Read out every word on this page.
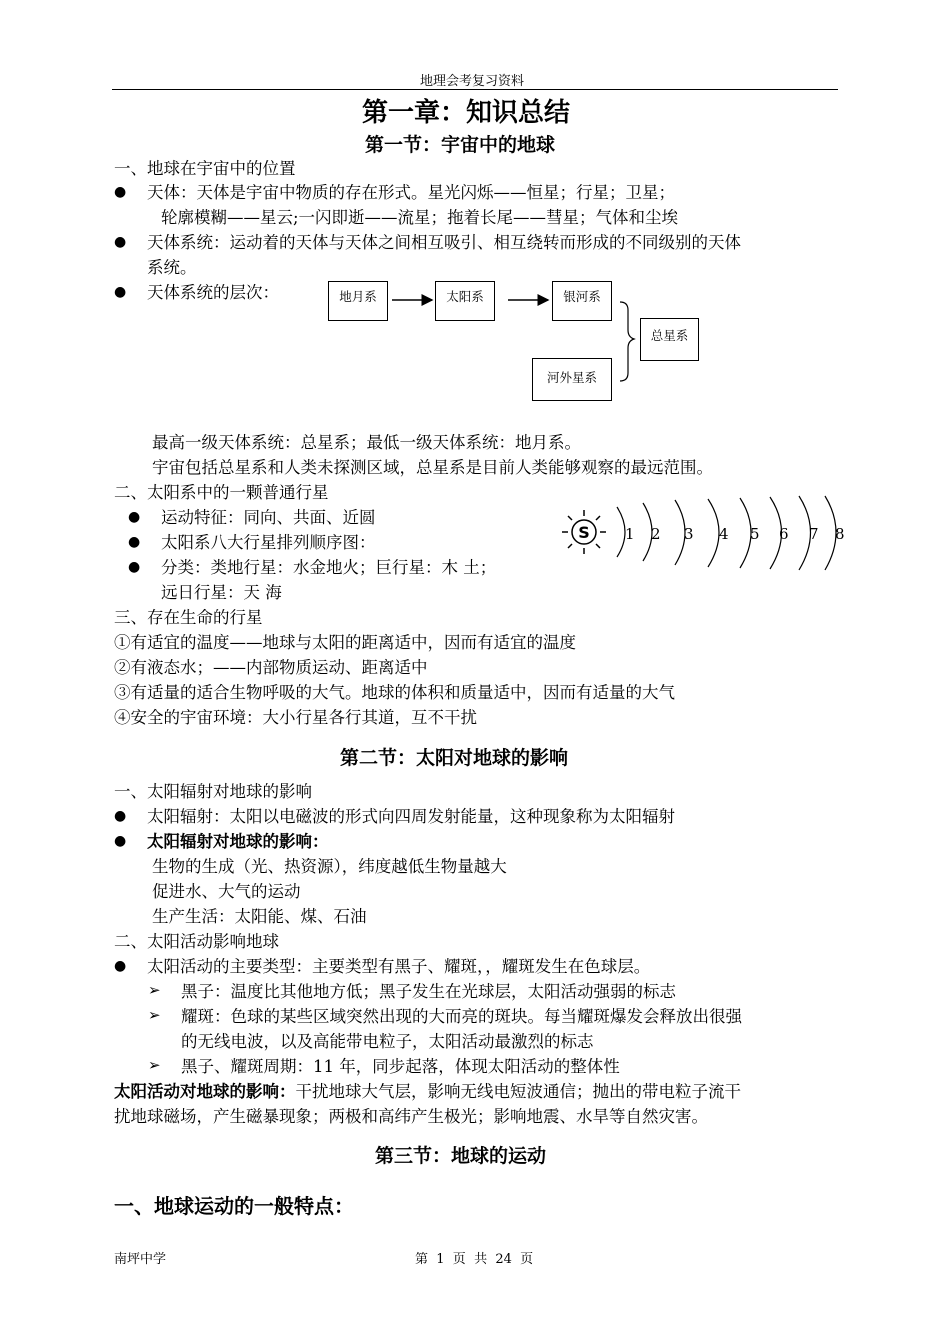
地理会考复习资料
第一章：知识总结
第一节：宇宙中的地球
一、地球在宇宙中的位置
● 天体：天体是宇宙中物质的存在形式。星光闪烁——恒星；行星；卫星；
轮廓模糊——星云;一闪即逝——流星；拖着长尾——彗星；气体和尘埃
● 天体系统：运动着的天体与天体之间相互吸引、相互绕转而形成的不同级别的天体
系统。
● 天体系统的层次：	地月系	太阳系	银河系
河外星系
总星系
最高一级天体系统：总星系；最低一级天体系统：地月系。
宇宙包括总星系和人类未探测区域，总星系是目前人类能够观察的最远范围。
二、太阳系中的一颗普通行星
● 运动特征：同向、共面、近圆
● 太阳系八大行星排列顺序图：
● 分类：类地行星：水金地火；巨行星：木 土；
远日行星：天 海
S 1 2 3 4 5 6 7 8
三、存在生命的行星
①有适宜的温度——地球与太阳的距离适中，因而有适宜的温度
②有液态水；——内部物质运动、距离适中
③有适量的适合生物呼吸的大气。地球的体积和质量适中，因而有适量的大气
④安全的宇宙环境：大小行星各行其道，互不干扰
第二节：太阳对地球的影响
一、太阳辐射对地球的影响
● 太阳辐射：太阳以电磁波的形式向四周发射能量，这种现象称为太阳辐射
● 太阳辐射对地球的影响：
生物的生成（光、热资源），纬度越低生物量越大
促进水、大气的运动
生产生活：太阳能、煤、石油
二、太阳活动影响地球
● 太阳活动的主要类型：主要类型有黑子、耀斑，，耀斑发生在色球层。
➢ 黑子：温度比其他地方低；黑子发生在光球层，太阳活动强弱的标志
➢ 耀斑：色球的某些区域突然出现的大而亮的斑块。每当耀斑爆发会释放出很强
的无线电波，以及高能带电粒子，太阳活动最激烈的标志
➢ 黑子、耀斑周期：11 年，同步起落，体现太阳活动的整体性
太阳活动对地球的影响：干扰地球大气层，影响无线电短波通信；抛出的带电粒子流干
扰地球磁场，产生磁暴现象；两极和高纬产生极光；影响地震、水旱等自然灾害。
第三节：地球的运动
一、地球运动的一般特点：
南坪中学	第  1  页  共  24  页
